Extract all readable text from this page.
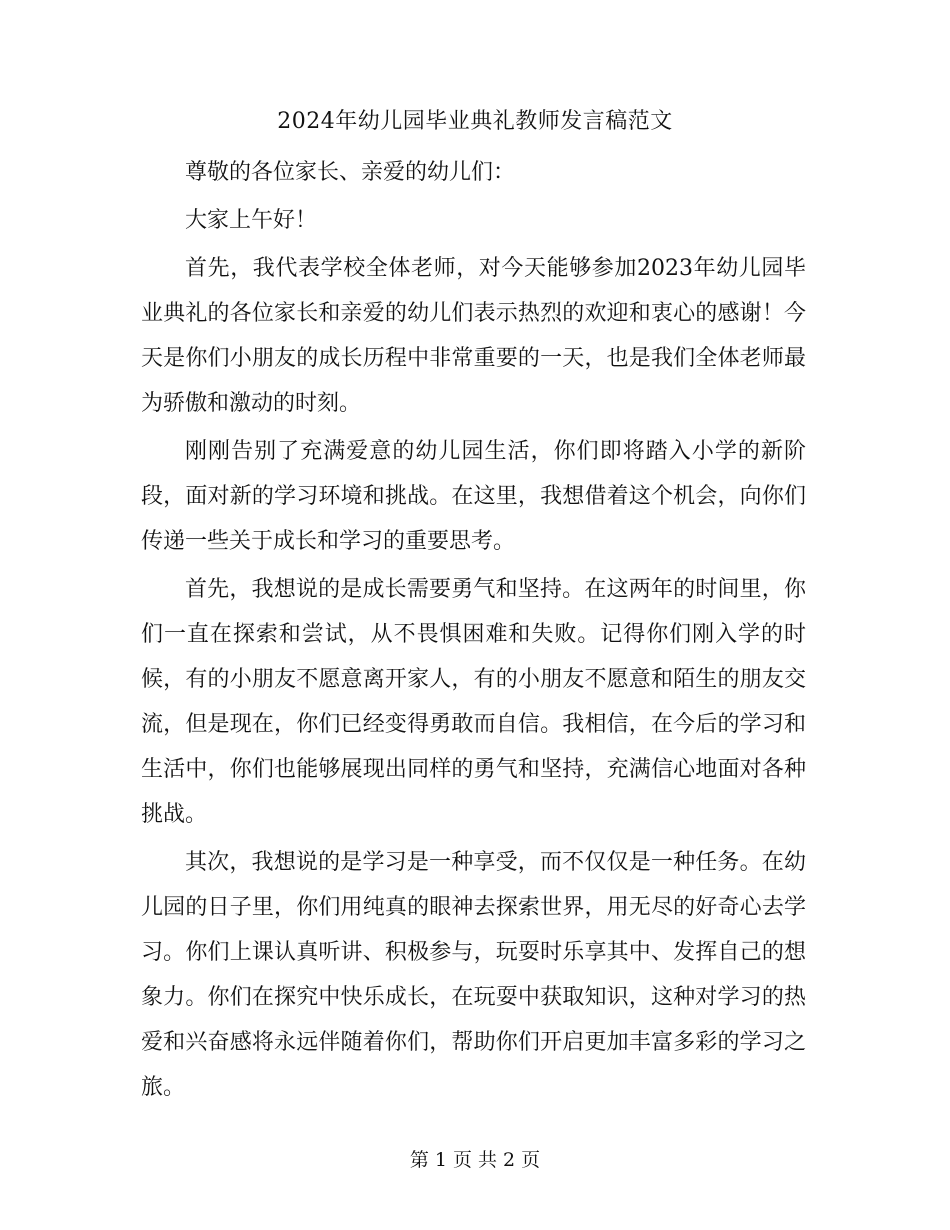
2024年幼儿园毕业典礼教师发言稿范文

尊敬的各位家长、亲爱的幼儿们：

大家上午好！

首先，我代表学校全体老师，对今天能够参加2023年幼儿园毕业典礼的各位家长和亲爱的幼儿们表示热烈的欢迎和衷心的感谢！今天是你们小朋友的成长历程中非常重要的一天，也是我们全体老师最为骄傲和激动的时刻。

刚刚告别了充满爱意的幼儿园生活，你们即将踏入小学的新阶段，面对新的学习环境和挑战。在这里，我想借着这个机会，向你们传递一些关于成长和学习的重要思考。

首先，我想说的是成长需要勇气和坚持。在这两年的时间里，你们一直在探索和尝试，从不畏惧困难和失败。记得你们刚入学的时候，有的小朋友不愿意离开家人，有的小朋友不愿意和陌生的朋友交流，但是现在，你们已经变得勇敢而自信。我相信，在今后的学习和生活中，你们也能够展现出同样的勇气和坚持，充满信心地面对各种挑战。

其次，我想说的是学习是一种享受，而不仅仅是一种任务。在幼儿园的日子里，你们用纯真的眼神去探索世界，用无尽的好奇心去学习。你们上课认真听讲、积极参与，玩耍时乐享其中、发挥自己的想象力。你们在探究中快乐成长，在玩耍中获取知识，这种对学习的热爱和兴奋感将永远伴随着你们，帮助你们开启更加丰富多彩的学习之旅。

第 1 页 共 2 页
